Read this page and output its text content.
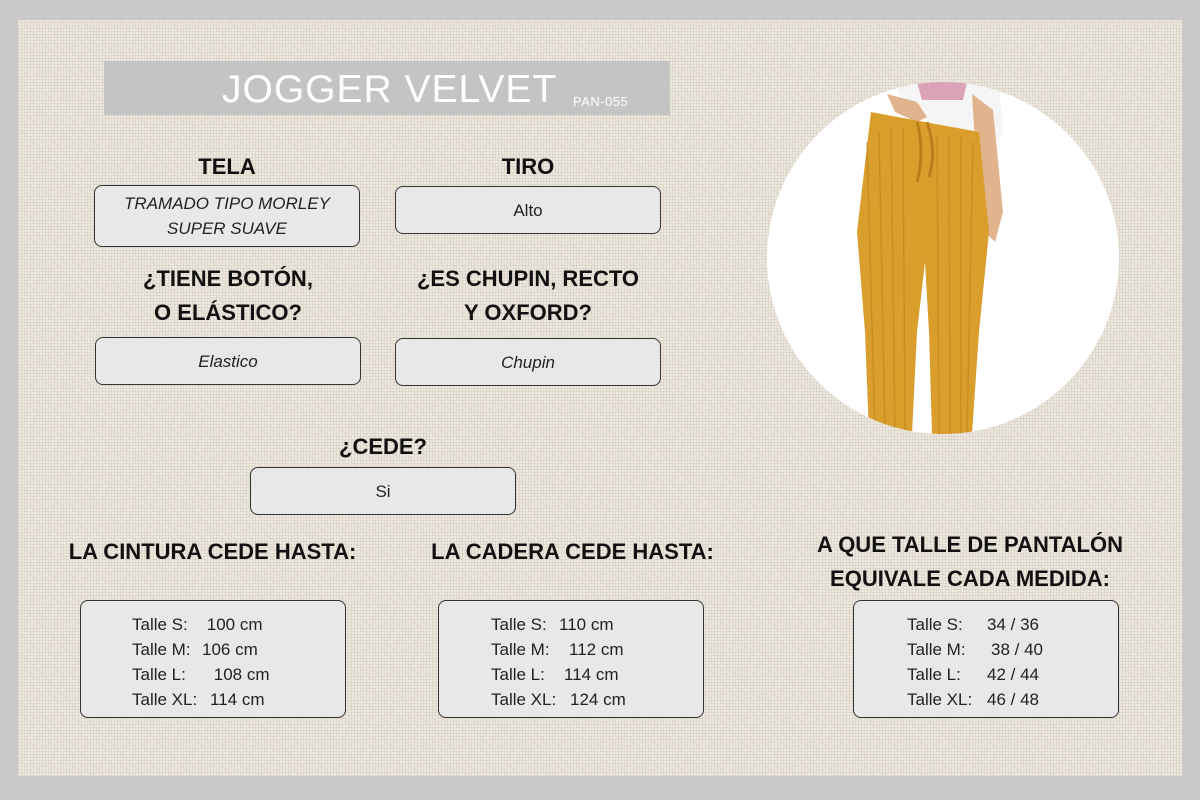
JOGGER VELVET PAN-055
TELA
TRAMADO TIPO MORLEY
SUPER SUAVE
TIRO
Alto
¿TIENE BOTÓN,
O ELÁSTICO?
Elastico
¿ES CHUPIN, RECTO
Y OXFORD?
Chupin
¿CEDE?
Si
LA CINTURA CEDE HASTA:
Talle S: 100 cm
Talle M: 106 cm
Talle L: 108 cm
Talle XL: 114 cm
LA CADERA CEDE HASTA:
Talle S: 110 cm
Talle M: 112 cm
Talle L: 114 cm
Talle XL: 124 cm
A QUE TALLE DE PANTALÓN
EQUIVALE CADA MEDIDA:
Talle S: 34 / 36
Talle M: 38 / 40
Talle L: 42 / 44
Talle XL: 46 / 48
